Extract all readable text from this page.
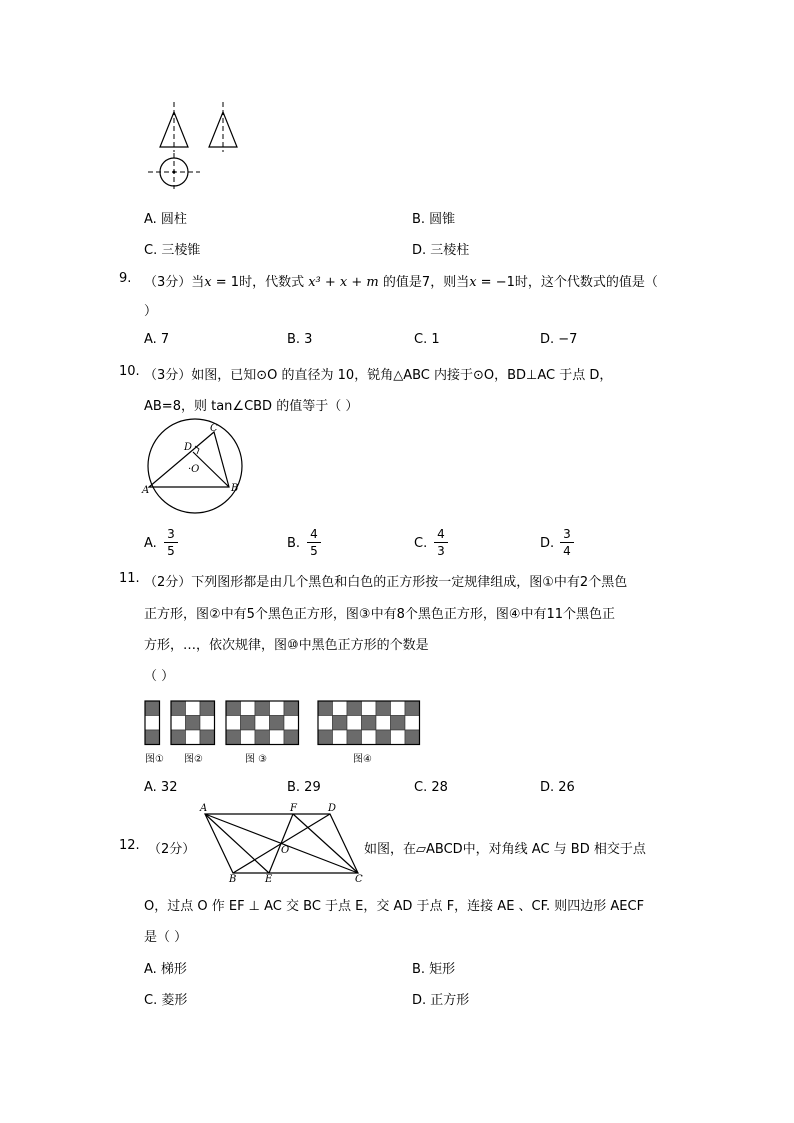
A. 圆柱	B. 圆锥
C. 三棱锥	D. 三棱柱
9. （3分）当x = 1时，代数式 x³ + x + m 的值是7，则当x = −1时，这个代数式的值是（
）
A. 7	B. 3	C. 1	D. −7
10. （3分）如图，已知⊙O 的直径为 10，锐角△ABC 内接于⊙O，BD⊥AC 于点 D，
AB=8，则 tan∠CBD 的值等于（ ）
C
D
·O
A	B
A.
3
5	B.
4
5	C.
4
3	D.
3
4
11. （2分）下列图形都是由几个黑色和白色的正方形按一定规律组成，图①中有2个黑色
正方形，图②中有5个黑色正方形，图③中有8个黑色正方形，图④中有11个黑色正
方形，…，依次规律，图⑩中黑色正方形的个数是
（ ）
图① 图②	图 ③	图④
A. 32	B. 29	C. 28	D. 26
12. （2分）
A	F	D
O
B	E	C
如图，在▱ABCD中，对角线 AC 与 BD 相交于点
O，过点 O 作 EF ⊥ AC 交 BC 于点 E，交 AD 于点 F，连接 AE 、CF. 则四边形 AECF
是（ ）
A. 梯形	B. 矩形
C. 菱形	D. 正方形
